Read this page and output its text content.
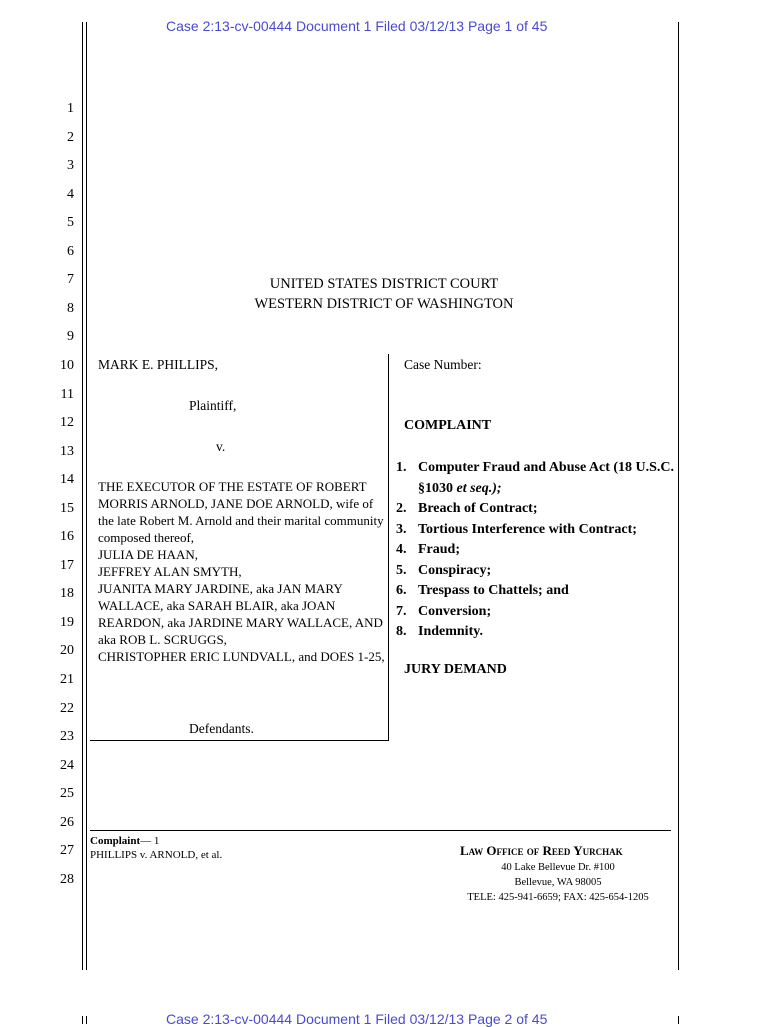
Case 2:13-cv-00444 Document 1 Filed 03/12/13 Page 1 of 45
1
2
3
4
5
6
7
8
9
10
11
12
13
14
15
16
17
18
19
20
21
22
23
24
25
26
27
28
UNITED STATES DISTRICT COURT
WESTERN DISTRICT OF WASHINGTON
MARK E. PHILLIPS,
Plaintiff,
v.
THE EXECUTOR OF THE ESTATE OF ROBERT MORRIS ARNOLD, JANE DOE ARNOLD, wife of the late Robert M. Arnold and their marital community composed thereof,
JULIA DE HAAN,
JEFFREY ALAN SMYTH,
JUANITA MARY JARDINE, aka JAN MARY WALLACE, aka SARAH BLAIR, aka JOAN REARDON, aka JARDINE MARY WALLACE, AND aka ROB L. SCRUGGS,
CHRISTOPHER ERIC LUNDVALL, and DOES 1-25,
Defendants.
Case Number:
COMPLAINT
1. Computer Fraud and Abuse Act (18 U.S.C. §1030 et seq.);
2. Breach of Contract;
3. Tortious Interference with Contract;
4. Fraud;
5. Conspiracy;
6. Trespass to Chattels; and
7. Conversion;
8. Indemnity.
JURY DEMAND
Complaint— 1
PHILLIPS v. ARNOLD, et al.	Law Office of Reed Yurchak
40 Lake Bellevue Dr. #100
Bellevue, WA 98005
TELE: 425-941-6659; FAX: 425-654-1205
Case 2:13-cv-00444 Document 1 Filed 03/12/13 Page 2 of 45
